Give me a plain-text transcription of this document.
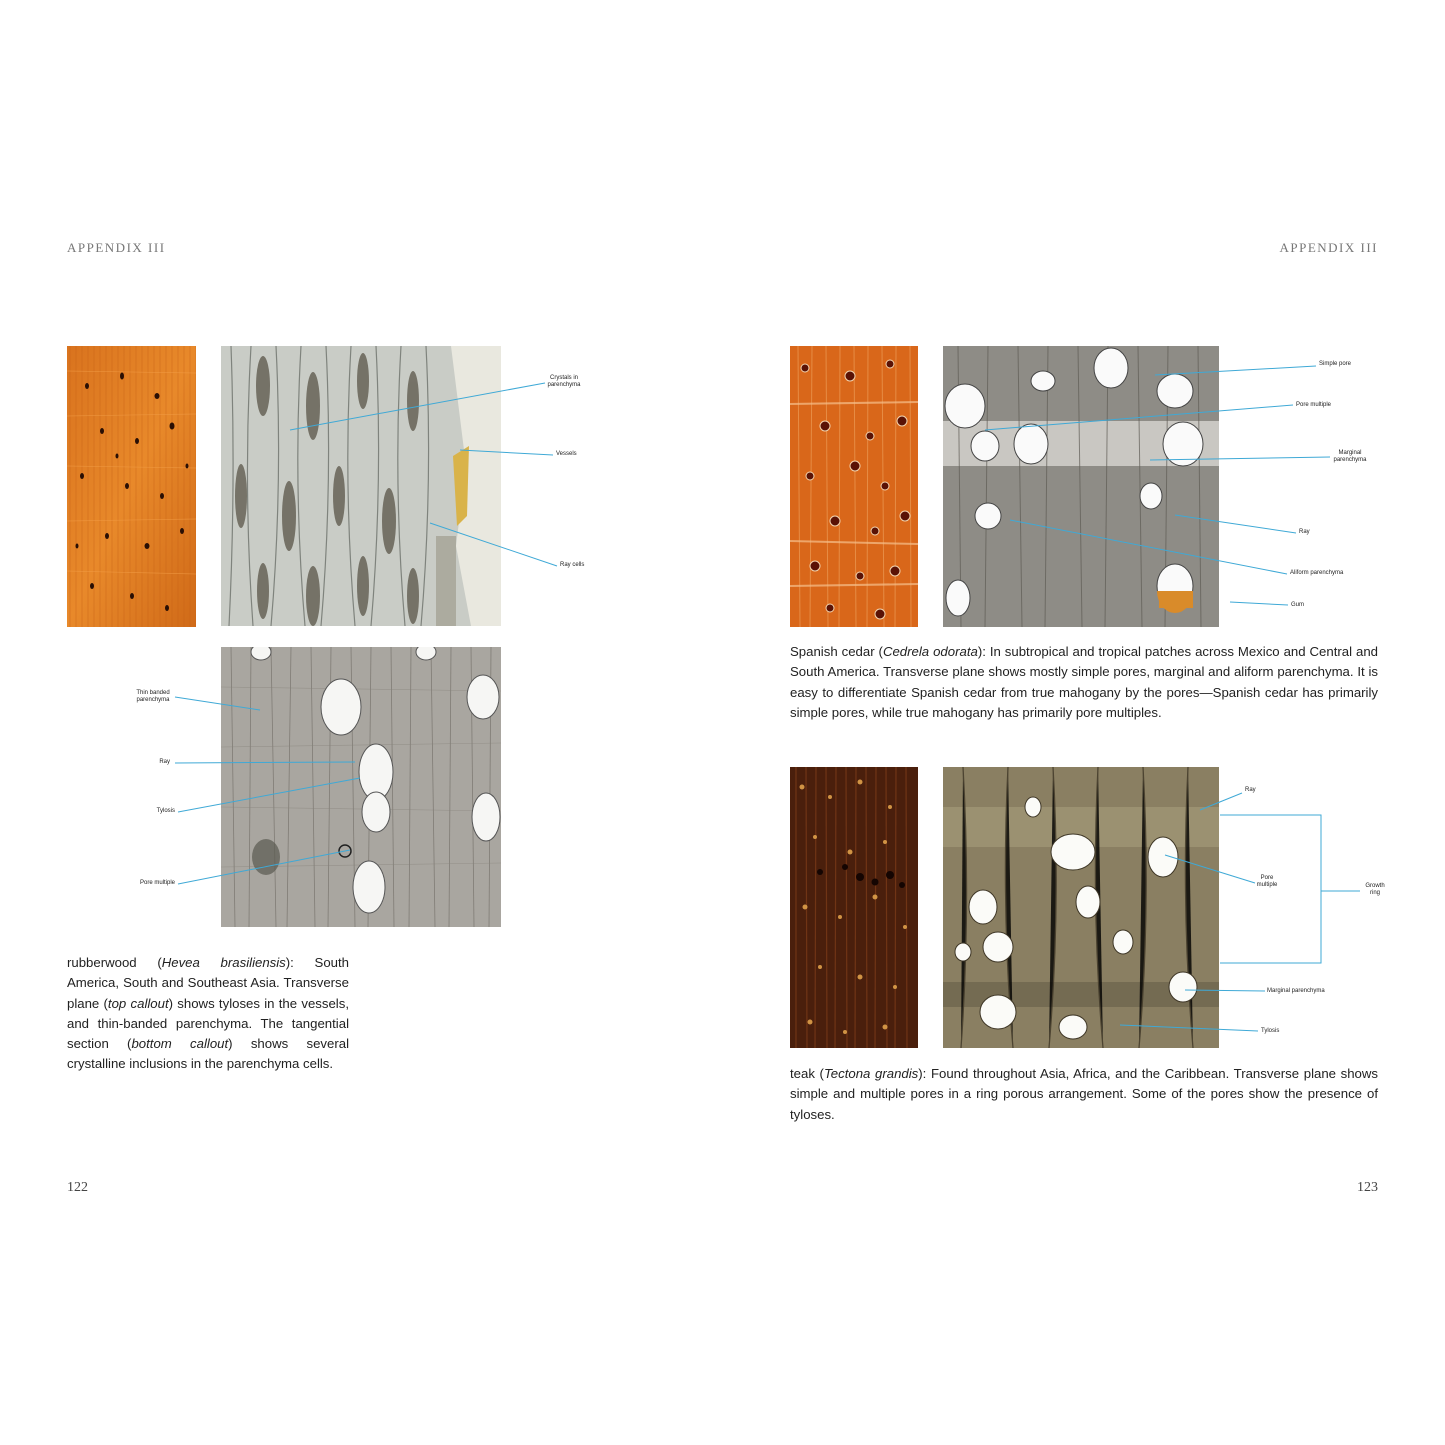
APPENDIX III	APPENDIX III
Crystals in parenchyma
Vessels
Ray cells
Thin banded parenchyma
Ray
Tylosis
Pore multiple
Simple pore
Pore multiple
Marginal parenchyma
Ray
Aliform parenchyma
Gum
Ray
Pore multiple	Growth ring
Marginal parenchyma
Tylosis
rubberwood (Hevea brasiliensis): South America, South and Southeast Asia. Transverse plane (top callout) shows tyloses in the vessels, and thin-banded parenchyma. The tangential section (bottom callout) shows several crystalline inclusions in the parenchyma cells.
Spanish cedar (Cedrela odorata): In subtropical and tropical patches across Mexico and Central and South America. Transverse plane shows mostly simple pores, marginal and aliform parenchyma. It is easy to differentiate Spanish cedar from true mahogany by the pores—Spanish cedar has primarily simple pores, while true mahogany has primarily pore multiples.
teak (Tectona grandis): Found throughout Asia, Africa, and the Caribbean. Transverse plane shows simple and multiple pores in a ring porous arrangement. Some of the pores show the presence of tyloses.
122	123
